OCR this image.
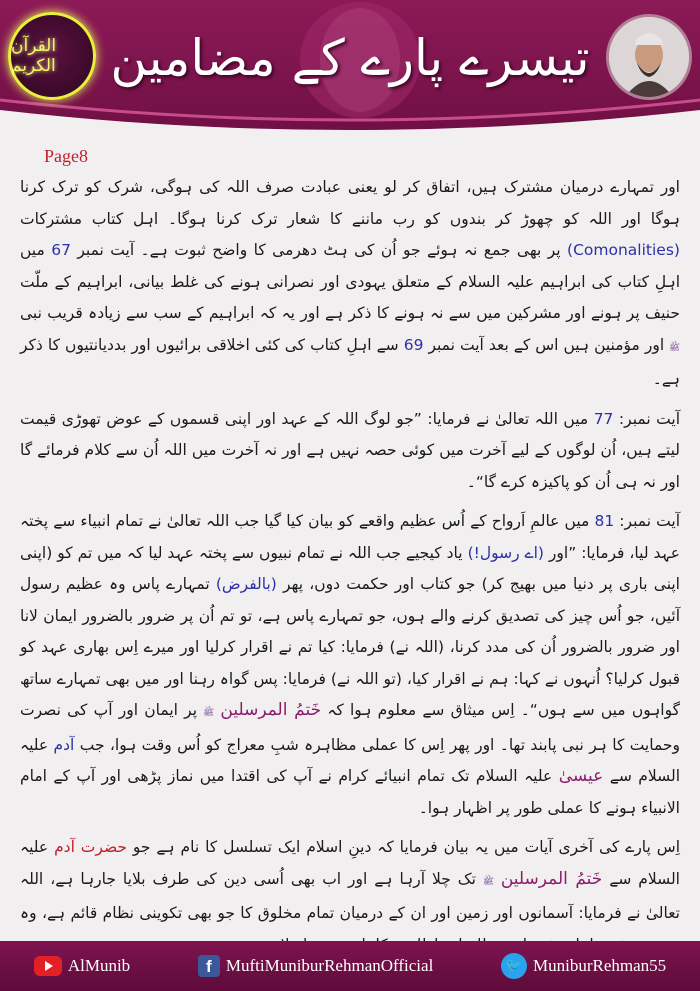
القرآن الکریم	تیسرے پارے کے مضامین
Page8

اور تمہارے درمیان مشترک ہیں، اتفاق کر لو یعنی عبادت صرف اللہ کی ہوگی، شرک کو ترک کرنا ہوگا اور اللہ کو چھوڑ کر بندوں کو رب ماننے کا شعار ترک کرنا ہوگا۔ اہل کتاب مشترکات (Comonalities) پر بھی جمع نہ ہوئے جو اُن کی ہٹ دھرمی کا واضح ثبوت ہے۔ آیت نمبر 67 میں اہلِ کتاب کی ابراہیم علیہ السلام کے متعلق یہودی اور نصرانی ہونے کی غلط بیانی، ابراہیم کے ملّت حنیف پر ہونے اور مشرکین میں سے نہ ہونے کا ذکر ہے اور یہ کہ ابراہیم کے سب سے زیادہ قریب نبی ﷺ اور مؤمنین ہیں اس کے بعد آیت نمبر 69 سے اہلِ کتاب کی کئی اخلاقی برائیوں اور بددیانتیوں کا ذکر ہے۔

آیت نمبر: 77 میں اللہ تعالیٰ نے فرمایا: ”جو لوگ اللہ کے عہد اور اپنی قسموں کے عوض تھوڑی قیمت لیتے ہیں، اُن لوگوں کے لیے آخرت میں کوئی حصہ نہیں ہے اور نہ آخرت میں اللہ اُن سے کلام فرمائے گا اور نہ ہی اُن کو پاکیزہ کرے گا“۔

آیت نمبر: 81 میں عالمِ اَرواح کے اُس عظیم واقعے کو بیان کیا گیا جب اللہ تعالیٰ نے تمام انبیاء سے پختہ عہد لیا، فرمایا: ”اور (اے رسول!) یاد کیجیے جب اللہ نے تمام نبیوں سے پختہ عہد لیا کہ میں تم کو (اپنی اپنی باری پر دنیا میں بھیج کر) جو کتاب اور حکمت دوں، پھر (بالفرض) تمہارے پاس وہ عظیم رسول آئیں، جو اُس چیز کی تصدیق کرنے والے ہوں، جو تمہارے پاس ہے، تو تم اُن پر ضرور بالضرور ایمان لانا اور ضرور بالضرور اُن کی مدد کرنا، (اللہ نے) فرمایا: کیا تم نے اقرار کرلیا اور میرے اِس بھاری عہد کو قبول کرلیا؟ اُنہوں نے کہا: ہم نے اقرار کیا، (تو اللہ نے) فرمایا: پس گواہ رہنا اور میں بھی تمہارے ساتھ گواہوں میں سے ہوں“۔ اِس میثاق سے معلوم ہوا کہ خَتمُ المرسلین ﷺ پر ایمان اور آپ کی نصرت وحمایت کا ہر نبی پابند تھا۔ اور پھر اِس کا عملی مظاہرہ شبِ معراج کو اُس وقت ہوا، جب آدم علیہ السلام سے عیسیٰ علیہ السلام تک تمام انبیائے کرام نے آپ کی اقتدا میں نماز پڑھی اور آپ کے امام الانبیاء ہونے کا عملی طور پر اظہار ہوا۔

اِس پارے کی آخری آیات میں یہ بیان فرمایا کہ دینِ اسلام ایک تسلسل کا نام ہے جو حضرت آدم علیہ السلام سے خَتمُ المرسلین ﷺ تک چلا آرہا ہے اور اب بھی اُسی دین کی طرف بلایا جارہا ہے، اللہ تعالیٰ نے فرمایا: آسمانوں اور زمین اور ان کے درمیان تمام مخلوق کا جو بھی تکوینی نظام قائم ہے، وہ

AlMunib	f MuftiMuniburRehmanOfficial	🐦 MuniburRehman55
